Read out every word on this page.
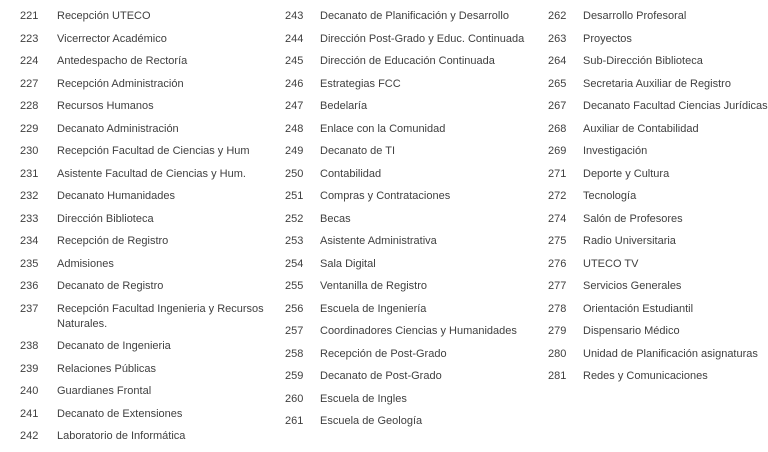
221	Recepción UTECO
223	Vicerrector Académico
224	Antedespacho de Rectoría
227	Recepción Administración
228	Recursos Humanos
229	Decanato Administración
230	Recepción Facultad de Ciencias y Hum
231	Asistente Facultad de Ciencias y Hum.
232	Decanato Humanidades
233	Dirección Biblioteca
234	Recepción de Registro
235	Admisiones
236	Decanato de Registro
237	Recepción Facultad Ingenieria y Recursos Naturales.
238	Decanato de Ingenieria
239	Relaciones Públicas
240	Guardianes Frontal
241	Decanato de Extensiones
242	Laboratorio de Informática
243	Decanato de Planificación y Desarrollo
244	Dirección Post-Grado y Educ. Continuada
245	Dirección de Educación Continuada
246	Estrategias FCC
247	Bedelaría
248	Enlace con la Comunidad
249	Decanato de TI
250	Contabilidad
251	Compras y Contrataciones
252	Becas
253	Asistente Administrativa
254	Sala Digital
255	Ventanilla de Registro
256	Escuela de Ingeniería
257	Coordinadores Ciencias y Humanidades
258	Recepción de Post-Grado
259	Decanato de Post-Grado
260	Escuela de Ingles
261	Escuela de Geología
262	Desarrollo Profesoral
263	Proyectos
264	Sub-Dirección Biblioteca
265	Secretaria Auxiliar de Registro
267	Decanato Facultad Ciencias Jurídicas
268	Auxiliar de Contabilidad
269	Investigación
271	Deporte y Cultura
272	Tecnología
274	Salón de Profesores
275	Radio Universitaria
276	UTECO TV
277	Servicios Generales
278	Orientación Estudiantil
279	Dispensario Médico
280	Unidad de Planificación asignaturas
281	Redes y Comunicaciones
